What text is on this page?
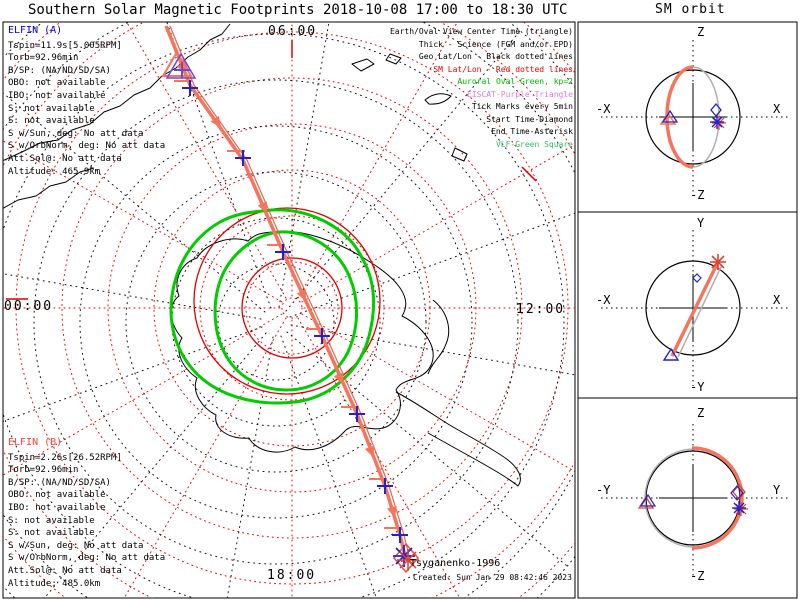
Southern Solar Magnetic Footprints 2018-10-08 17:00 to 18:30 UTC
06:00
00:00	12:00
18:00
Earth/Oval View Center Time (triangle)
Thick - Science (FGM and/or EPD)
Geo Lat/Lon - Black dotted lines
SM Lat/Lon - Red dotted lines
Auroral Oval-Green, kp=2
EISCAT-Purple Triangle
Tick Marks every 5min
Start Time-Diamond
End Time-Asterisk
VLF-Green Square
ELFIN (A)
Tspin=11.9s[5.005RPM]
Torb=92.96min
B/SP: (NA/ND/SD/SA)
OBO: not available
IBO: not available
S: not available
S: not available
S w/Sun, deg: No att data
S w/OrbNorm, deg: No att data
Att.Sol@: No att data
Altitude: 465.9km
ELFIN (B)
Tspin=2.26s[26.52RPM]
Torb=92.96min
B/SP: (NA/ND/SD/SA)
OBO: not available
IBO: not available
S: not available
S: not available
S w/Sun, deg: No att data
S w/OrbNorm, deg: No att data
Att.Sol@: No att data
Altitude: 485.0km
Tsyganenko-1996
Created: Sun Jan 29 08:42:46 2023
SM orbit
Z
-Z
-X	X
Y
-Y
-X	X
Z
-Z
-Y	Y
